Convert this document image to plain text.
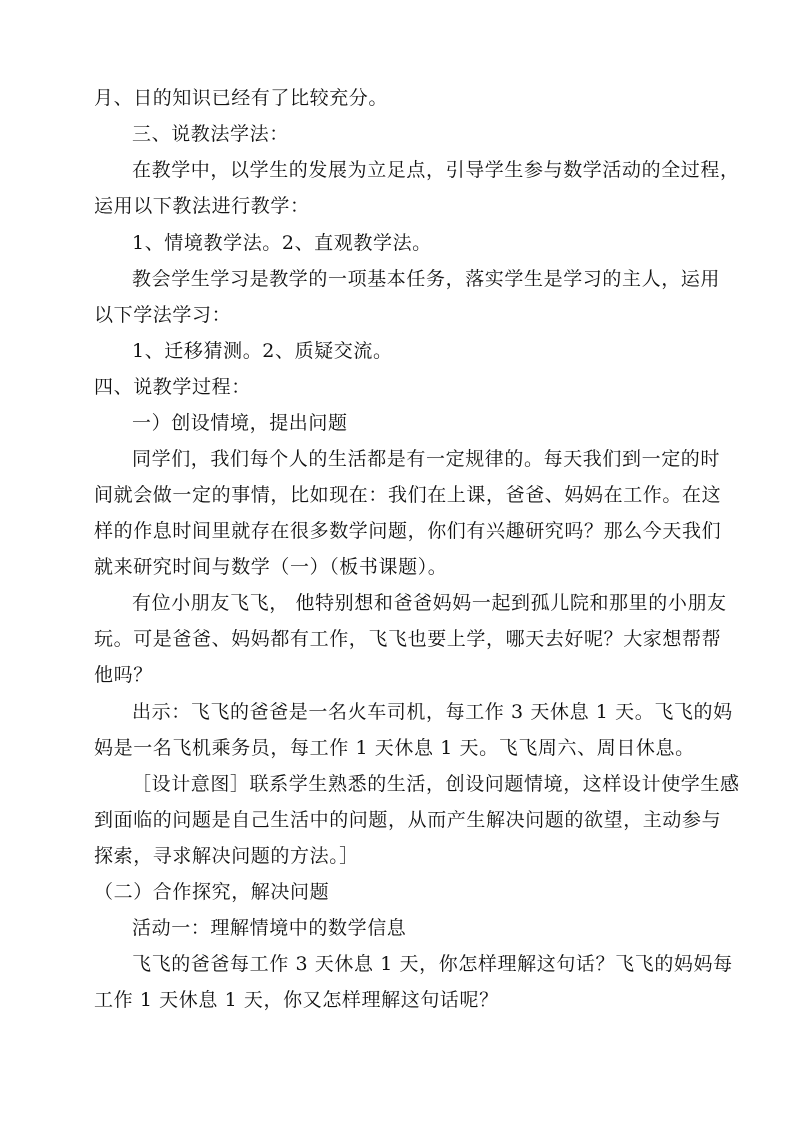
月、日的知识已经有了比较充分。
三、说教法学法：
在教学中，以学生的发展为立足点，引导学生参与数学活动的全过程，
运用以下教法进行教学：
1、情境教学法。2、直观教学法。
教会学生学习是教学的一项基本任务，落实学生是学习的主人，运用
以下学法学习：
1、迁移猜测。2、质疑交流。
四、说教学过程：
一）创设情境，提出问题
同学们，我们每个人的生活都是有一定规律的。每天我们到一定的时
间就会做一定的事情，比如现在：我们在上课，爸爸、妈妈在工作。在这
样的作息时间里就存在很多数学问题，你们有兴趣研究吗？那么今天我们
就来研究时间与数学（一）（板书课题）。
有位小朋友飞飞， 他特别想和爸爸妈妈一起到孤儿院和那里的小朋友
玩。可是爸爸、妈妈都有工作，飞飞也要上学，哪天去好呢？大家想帮帮
他吗？
出示：飞飞的爸爸是一名火车司机，每工作 3 天休息 1 天。飞飞的妈
妈是一名飞机乘务员，每工作 1 天休息 1 天。飞飞周六、周日休息。
［设计意图］联系学生熟悉的生活，创设问题情境，这样设计使学生感
到面临的问题是自己生活中的问题，从而产生解决问题的欲望，主动参与
探索，寻求解决问题的方法。］
（二）合作探究，解决问题
活动一：理解情境中的数学信息
飞飞的爸爸每工作 3 天休息 1 天，你怎样理解这句话？飞飞的妈妈每
工作 1 天休息 1 天，你又怎样理解这句话呢？
